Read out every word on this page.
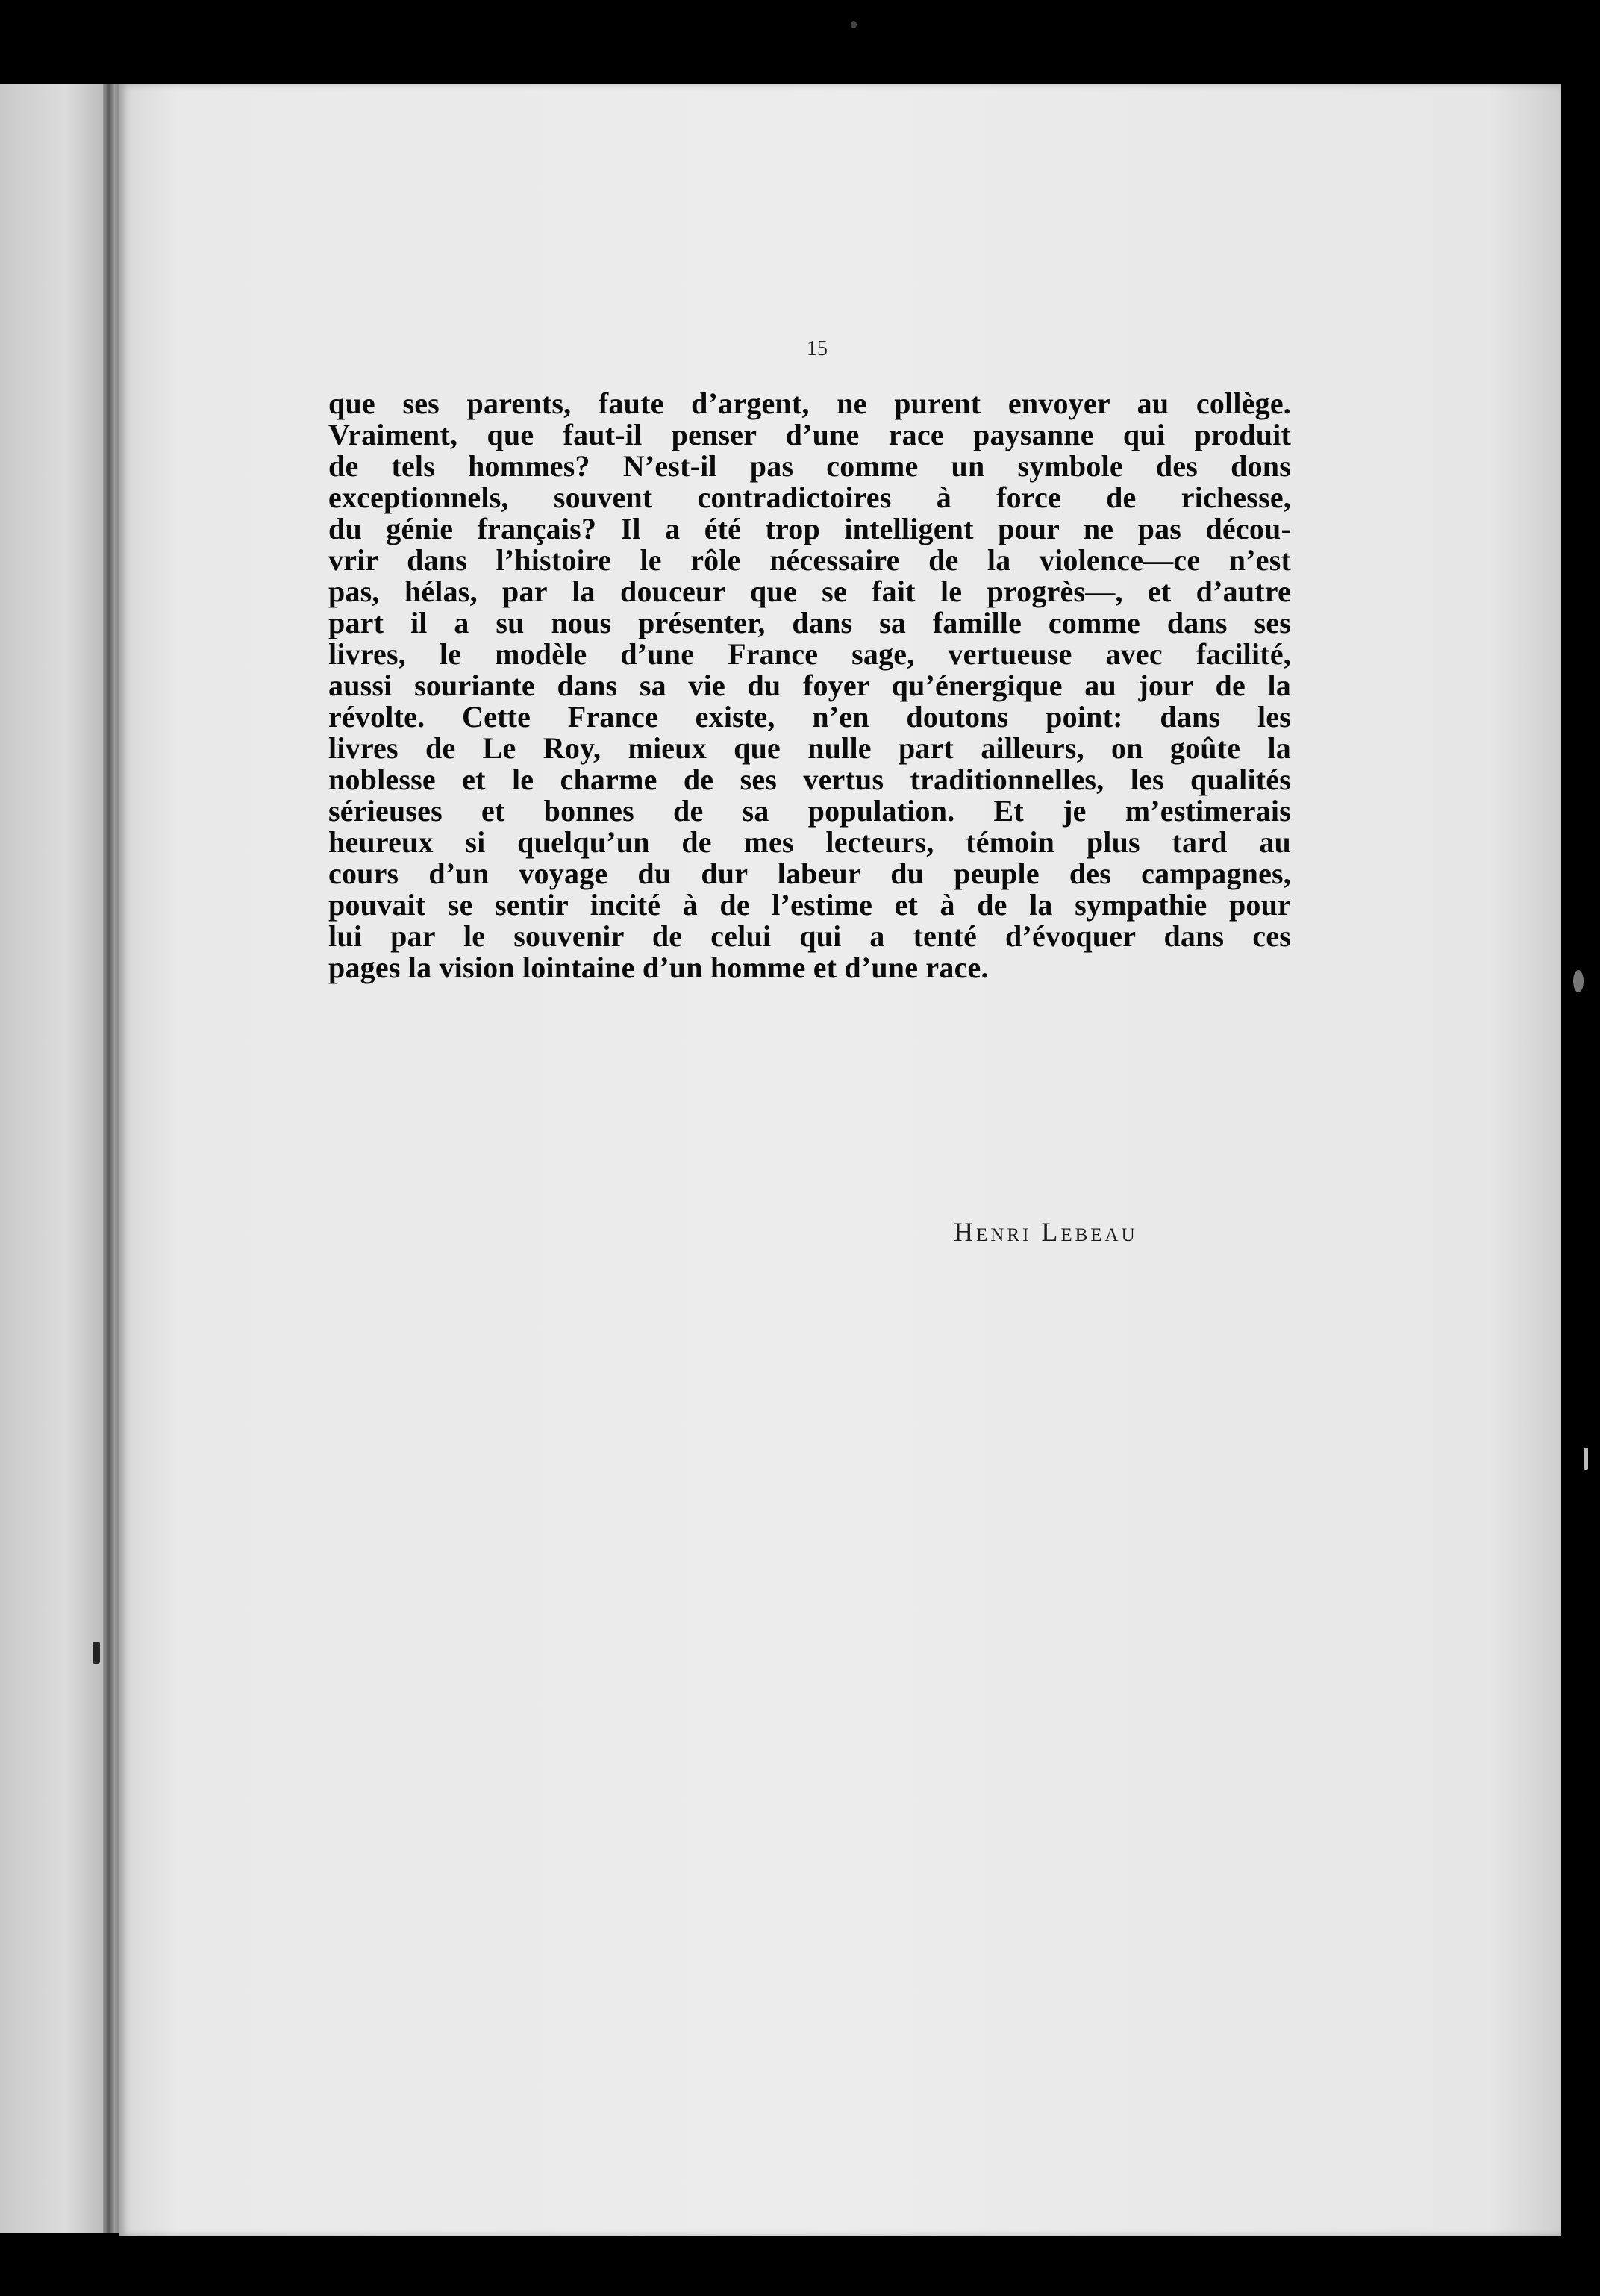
15
que ses parents, faute d’argent, ne purent envoyer au collège.
Vraiment, que faut-il penser d’une race paysanne qui produit
de tels hommes? N’est-il pas comme un symbole des dons
exceptionnels, souvent contradictoires à force de richesse,
du génie français? Il a été trop intelligent pour ne pas décou-
vrir dans l’histoire le rôle nécessaire de la violence—ce n’est
pas, hélas, par la douceur que se fait le progrès—, et d’autre
part il a su nous présenter, dans sa famille comme dans ses
livres, le modèle d’une France sage, vertueuse avec facilité,
aussi souriante dans sa vie du foyer qu’énergique au jour de la
révolte. Cette France existe, n’en doutons point: dans les
livres de Le Roy, mieux que nulle part ailleurs, on goûte la
noblesse et le charme de ses vertus traditionnelles, les qualités
sérieuses et bonnes de sa population. Et je m’estimerais
heureux si quelqu’un de mes lecteurs, témoin plus tard au
cours d’un voyage du dur labeur du peuple des campagnes,
pouvait se sentir incité à de l’estime et à de la sympathie pour
lui par le souvenir de celui qui a tenté d’évoquer dans ces
pages la vision lointaine d’un homme et d’une race.
Henri Lebeau
